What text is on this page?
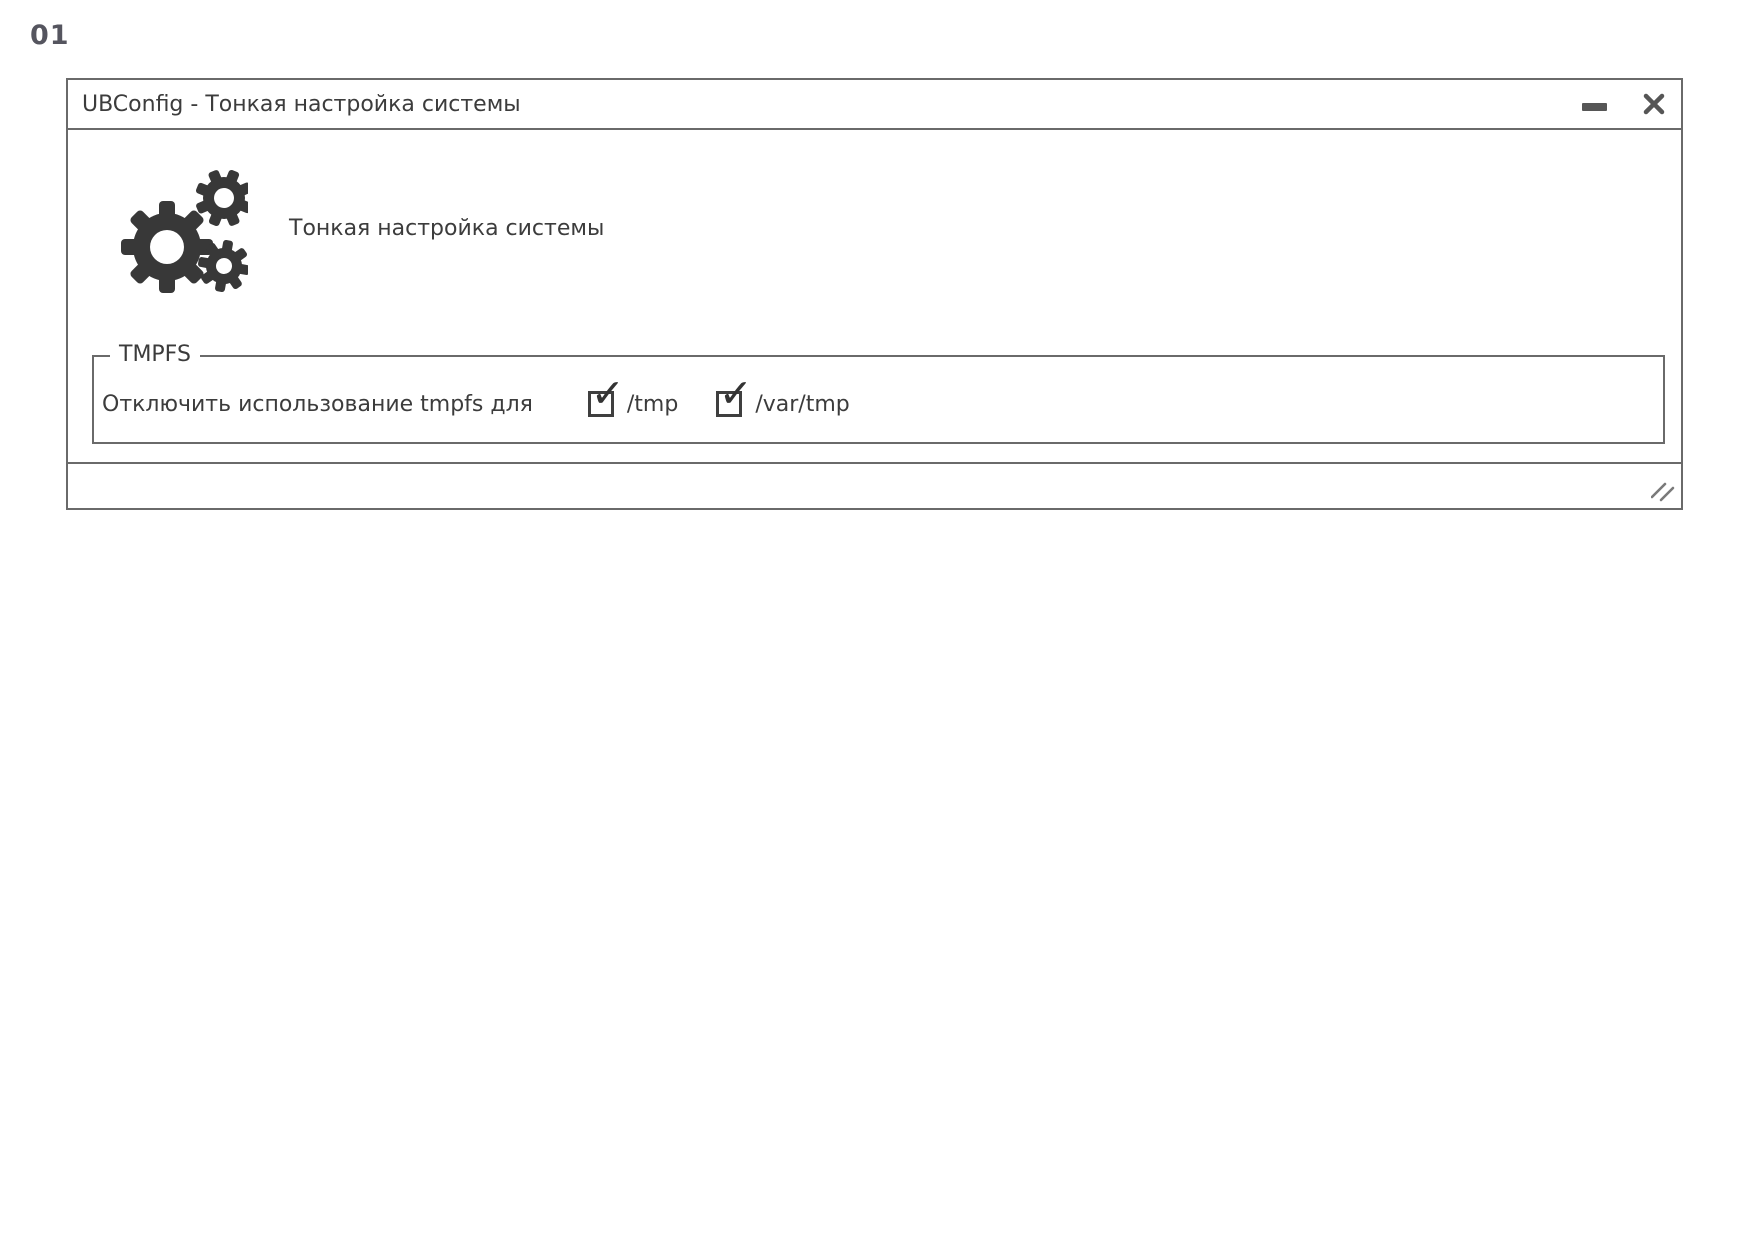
01
UBConfig - Тонкая настройка системы
Тонкая настройка системы
TMPFS
Отключить использование tmpfs для ✓	/tmp ✓	/var/tmp
